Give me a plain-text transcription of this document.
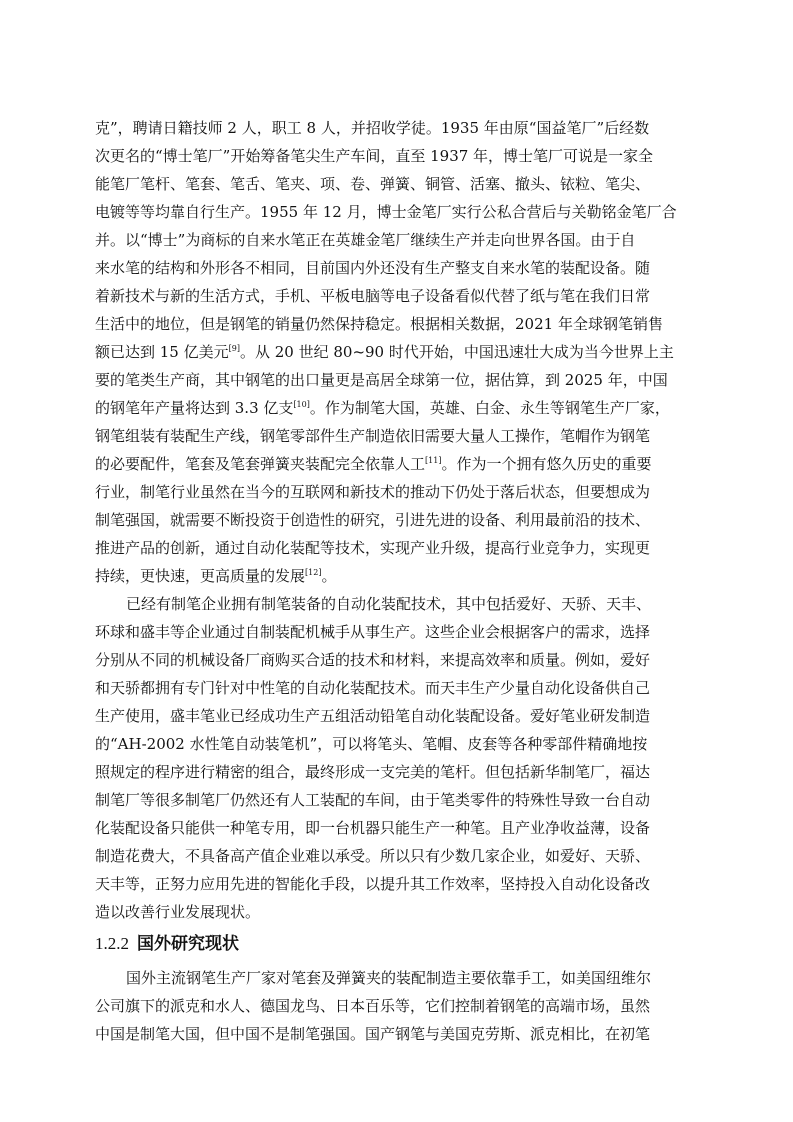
克”，聘请日籍技师 2 人，职工 8 人，并招收学徒。1935 年由原“国益笔厂”后经数
次更名的“博士笔厂”开始筹备笔尖生产车间，直至 1937 年，博士笔厂可说是一家全
能笔厂笔杆、笔套、笔舌、笔夹、项、卷、弹簧、铜管、活塞、撤头、铱粒、笔尖、
电镀等等均靠自行生产。1955 年 12 月，博士金笔厂实行公私合营后与关勒铭金笔厂合
并。以“博士”为商标的自来水笔正在英雄金笔厂继续生产并走向世界各国。由于自
来水笔的结构和外形各不相同，目前国内外还没有生产整支自来水笔的装配设备。随
着新技术与新的生活方式，手机、平板电脑等电子设备看似代替了纸与笔在我们日常
生活中的地位，但是钢笔的销量仍然保持稳定。根据相关数据，2021 年全球钢笔销售
额已达到 15 亿美元[9]。从 20 世纪 80~90 时代开始，中国迅速壮大成为当今世界上主
要的笔类生产商，其中钢笔的出口量更是高居全球第一位，据估算，到 2025 年，中国
的钢笔年产量将达到 3.3 亿支[10]。作为制笔大国，英雄、白金、永生等钢笔生产厂家，
钢笔组装有装配生产线，钢笔零部件生产制造依旧需要大量人工操作，笔帽作为钢笔
的必要配件，笔套及笔套弹簧夹装配完全依靠人工[11]。作为一个拥有悠久历史的重要
行业，制笔行业虽然在当今的互联网和新技术的推动下仍处于落后状态，但要想成为
制笔强国，就需要不断投资于创造性的研究，引进先进的设备、利用最前沿的技术、
推进产品的创新，通过自动化装配等技术，实现产业升级，提高行业竞争力，实现更
持续，更快速，更高质量的发展[12]。
已经有制笔企业拥有制笔装备的自动化装配技术，其中包括爱好、天骄、天丰、
环球和盛丰等企业通过自制装配机械手从事生产。这些企业会根据客户的需求，选择
分别从不同的机械设备厂商购买合适的技术和材料，来提高效率和质量。例如，爱好
和天骄都拥有专门针对中性笔的自动化装配技术。而天丰生产少量自动化设备供自己
生产使用，盛丰笔业已经成功生产五组活动铅笔自动化装配设备。爱好笔业研发制造
的“AH-2002 水性笔自动装笔机”，可以将笔头、笔帽、皮套等各种零部件精确地按
照规定的程序进行精密的组合，最终形成一支完美的笔杆。但包括新华制笔厂，福达
制笔厂等很多制笔厂仍然还有人工装配的车间，由于笔类零件的特殊性导致一台自动
化装配设备只能供一种笔专用，即一台机器只能生产一种笔。且产业净收益薄，设备
制造花费大，不具备高产值企业难以承受。所以只有少数几家企业，如爱好、天骄、
天丰等，正努力应用先进的智能化手段，以提升其工作效率，坚持投入自动化设备改
造以改善行业发展现状。
1.2.2 国外研究现状
国外主流钢笔生产厂家对笔套及弹簧夹的装配制造主要依靠手工，如美国纽维尔
公司旗下的派克和水人、德国龙鸟、日本百乐等，它们控制着钢笔的高端市场，虽然
中国是制笔大国，但中国不是制笔强国。国产钢笔与美国克劳斯、派克相比，在初笔
